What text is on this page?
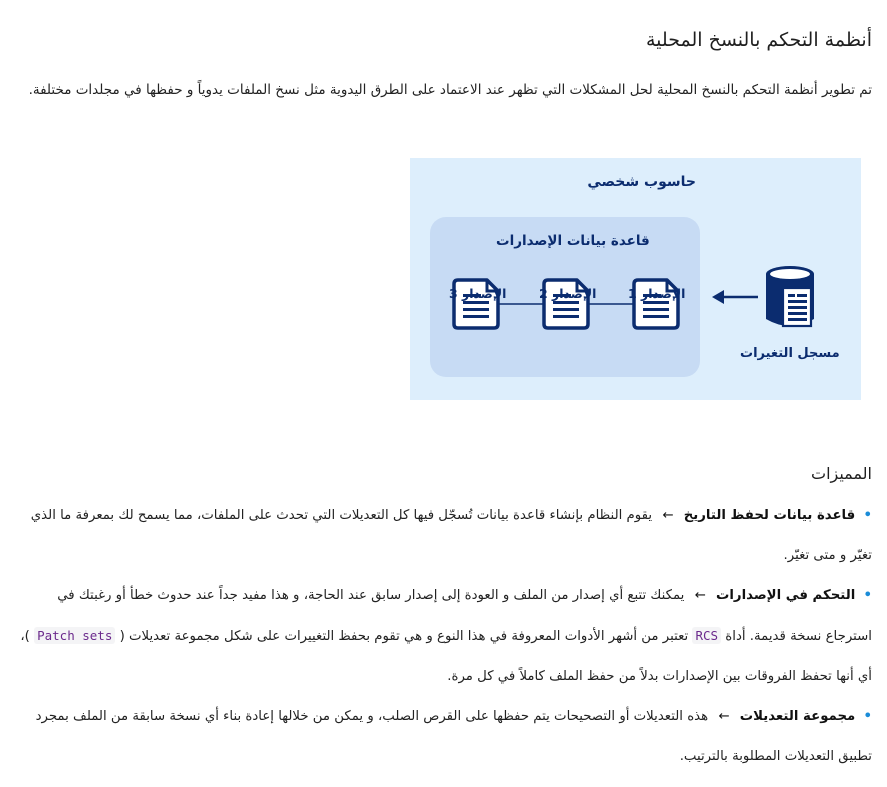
أنظمة التحكم بالنسخ المحلية

تم تطوير أنظمة التحكم بالنسخ المحلية لحل المشكلات التي تظهر عند الاعتماد على الطرق اليدوية مثل نسخ الملفات يدوياً و حفظها في مجلدات مختلفة.

حاسوب شخصي
قاعدة بيانات الإصدارات
الإصدار 3	الإصدار 2	الإصدار 1
مسجل التغيرات
المميزات
• قاعدة بيانات لحفظ التاريخ ← يقوم النظام بإنشاء قاعدة بيانات تُسجّل فيها كل التعديلات التي تحدث على الملفات، مما يسمح لك بمعرفة ما الذي تغيّر و متى تغيّر.
• التحكم في الإصدارات ← يمكنك تتبع أي إصدار من الملف و العودة إلى إصدار سابق عند الحاجة، و هذا مفيد جداً عند حدوث خطأ أو رغبتك في استرجاع نسخة قديمة. أداة RCS تعتبر من أشهر الأدوات المعروفة في هذا النوع و هي تقوم بحفظ التغييرات على شكل مجموعة تعديلات ( Patch sets )، أي أنها تحفظ الفروقات بين الإصدارات بدلاً من حفظ الملف كاملاً في كل مرة.
• مجموعة التعديلات ← هذه التعديلات أو التصحيحات يتم حفظها على القرص الصلب، و يمكن من خلالها إعادة بناء أي نسخة سابقة من الملف بمجرد تطبيق التعديلات المطلوبة بالترتيب.
